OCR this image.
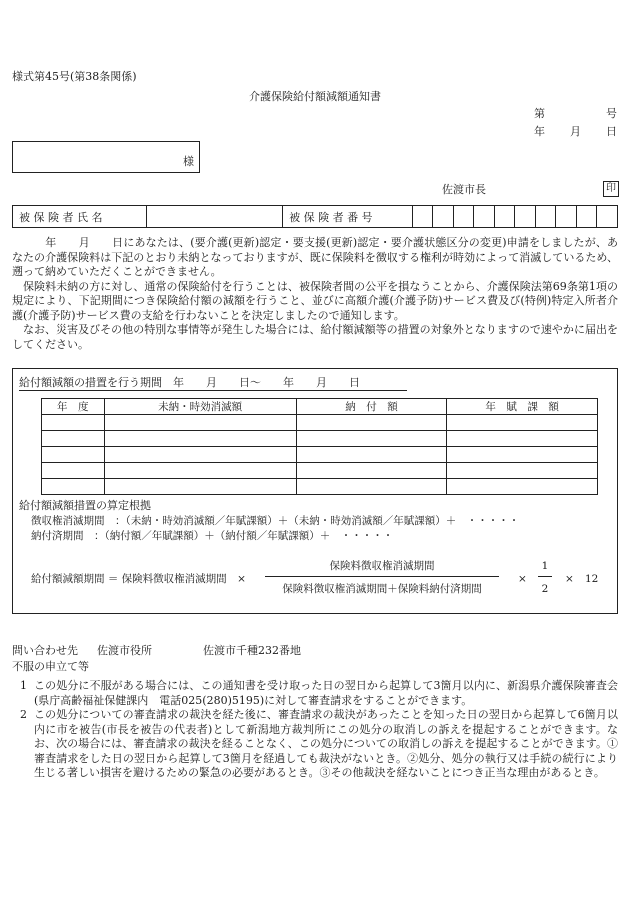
様式第45号(第38条関係)
介護保険給付額減額通知書
第	号
年 月 日
様
佐渡市長	印
被 保 険 者 氏 名		被 保 険 者 番 号										

　　年　　月　　日にあなたは、(要介護(更新)認定・要支援(更新)認定・要介護状態区分の変更)申請をしましたが、あなたの介護保険料は下記のとおり未納となっておりますが、既に保険料を徴収する権利が時効によって消滅しているため、遡って納めていただくことができません。

保険料未納の方に対し、通常の保険給付を行うことは、被保険者間の公平を損なうことから、介護保険法第69条第1項の規定により、下記期間につき保険給付額の減額を行うこと、並びに高額介護(介護予防)サービス費及び(特例)特定入所者介護(介護予防)サービス費の支給を行わないことを決定しましたので通知します。

なお、災害及びその他の特別な事情等が発生した場合には、給付額減額等の措置の対象外となりますので速やかに届出をしてください。

給付額減額の措置を行う期間　年　　月　　日～　　年　　月　　日
年　度	未納・時効消滅額	納　付　額	年　賦　課　額

給付額減額措置の算定根拠
徴収権消滅期間　：（未納・時効消滅額／年賦課額）＋（未納・時効消滅額／年賦課額）＋　・・・・・
納付済期間　：（納付額／年賦課額）＋（納付額／年賦課額）＋　・・・・・
給付額減額期間 ＝ 保険料徴収権消滅期間　×
保険料徴収権消滅期間
保険料徴収権消滅期間＋保険料納付済期間
×
1
2
× 12
問い合わせ先 佐渡市役所	佐渡市千種232番地
不服の申立て等
1 この処分に不服がある場合には、この通知書を受け取った日の翌日から起算して3箇月以内に、新潟県介護保険審査会(県庁高齢福祉保健課内　電話025(280)5195)に対して審査請求をすることができます。
2 この処分についての審査請求の裁決を経た後に、審査請求の裁決があったことを知った日の翌日から起算して6箇月以内に市を被告(市長を被告の代表者)として新潟地方裁判所にこの処分の取消しの訴えを提起することができます。なお、次の場合には、審査請求の裁決を経ることなく、この処分についての取消しの訴えを提起することができます。①審査請求をした日の翌日から起算して3箇月を経過しても裁決がないとき。②処分、処分の執行又は手続の続行により生じる著しい損害を避けるための緊急の必要があるとき。③その他裁決を経ないことにつき正当な理由があるとき。
